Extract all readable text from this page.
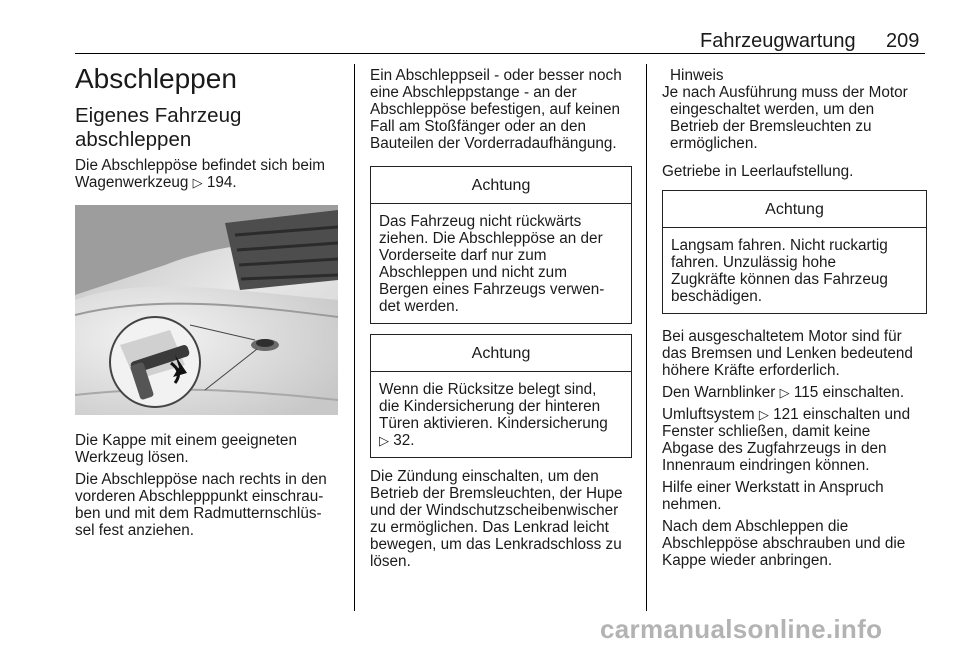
Fahrzeugwartung 209
Abschleppen
Eigenes Fahrzeug
abschleppen
Die Abschleppöse befindet sich beim
Wagenwerkzeug ▷ 194.

Die Kappe mit einem geeigneten
Werkzeug lösen.

Die Abschleppöse nach rechts in den
vorderen Abschlepppunkt einschrau-
ben und mit dem Radmutternschlüs-
sel fest anziehen.

Ein Abschleppseil - oder besser noch
eine Abschleppstange - an der
Abschleppöse befestigen, auf keinen
Fall am Stoßfänger oder an den
Bauteilen der Vorderradaufhängung.

Achtung
Das Fahrzeug nicht rückwärts
ziehen. Die Abschleppöse an der
Vorderseite darf nur zum
Abschleppen und nicht zum
Bergen eines Fahrzeugs verwen-
det werden.
Achtung
Wenn die Rücksitze belegt sind,
die Kindersicherung der hinteren
Türen aktivieren. Kindersicherung
▷ 32.

Die Zündung einschalten, um den
Betrieb der Bremsleuchten, der Hupe
und der Windschutzscheibenwischer
zu ermöglichen. Das Lenkrad leicht
bewegen, um das Lenkradschloss zu
lösen.

Hinweis
Je nach Ausführung muss der Motor
eingeschaltet werden, um den
Betrieb der Bremsleuchten zu
ermöglichen.

Getriebe in Leerlaufstellung.

Achtung
Langsam fahren. Nicht ruckartig
fahren. Unzulässig hohe
Zugkräfte können das Fahrzeug
beschädigen.

Bei ausgeschaltetem Motor sind für
das Bremsen und Lenken bedeutend
höhere Kräfte erforderlich.

Den Warnblinker ▷ 115 einschalten.

Umluftsystem ▷ 121 einschalten und
Fenster schließen, damit keine
Abgase des Zugfahrzeugs in den
Innenraum eindringen können.

Hilfe einer Werkstatt in Anspruch
nehmen.

Nach dem Abschleppen die
Abschleppöse abschrauben und die
Kappe wieder anbringen.

carmanualsonline.info
